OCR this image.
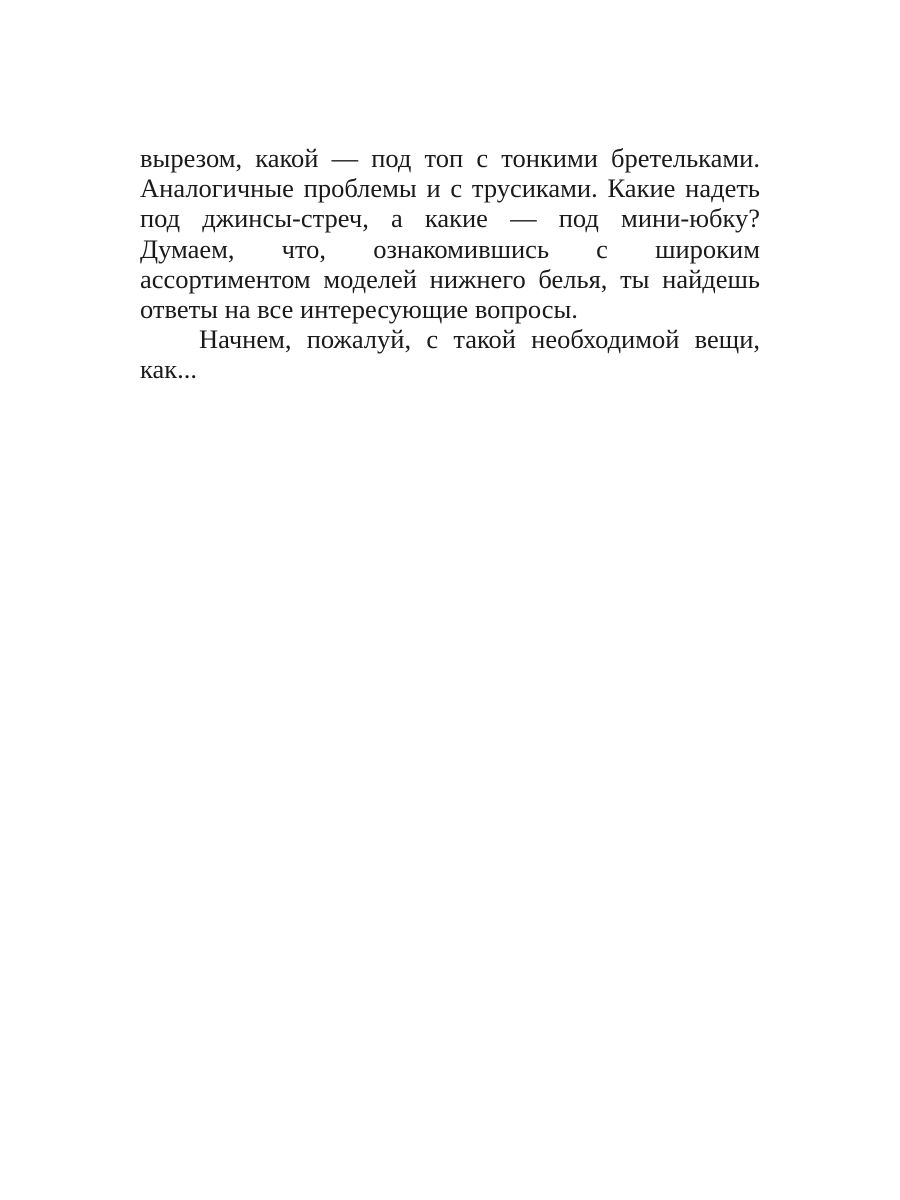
вырезом, какой — под топ с тонкими бретельками.
Аналогичные проблемы и с трусиками. Какие надеть
под джинсы-стреч, а какие — под мини-юбку?
Думаем, что, ознакомившись с широким
ассортиментом моделей нижнего белья, ты найдешь
ответы на все интересующие вопросы.

Начнем, пожалуй, с такой необходимой вещи,
как...
